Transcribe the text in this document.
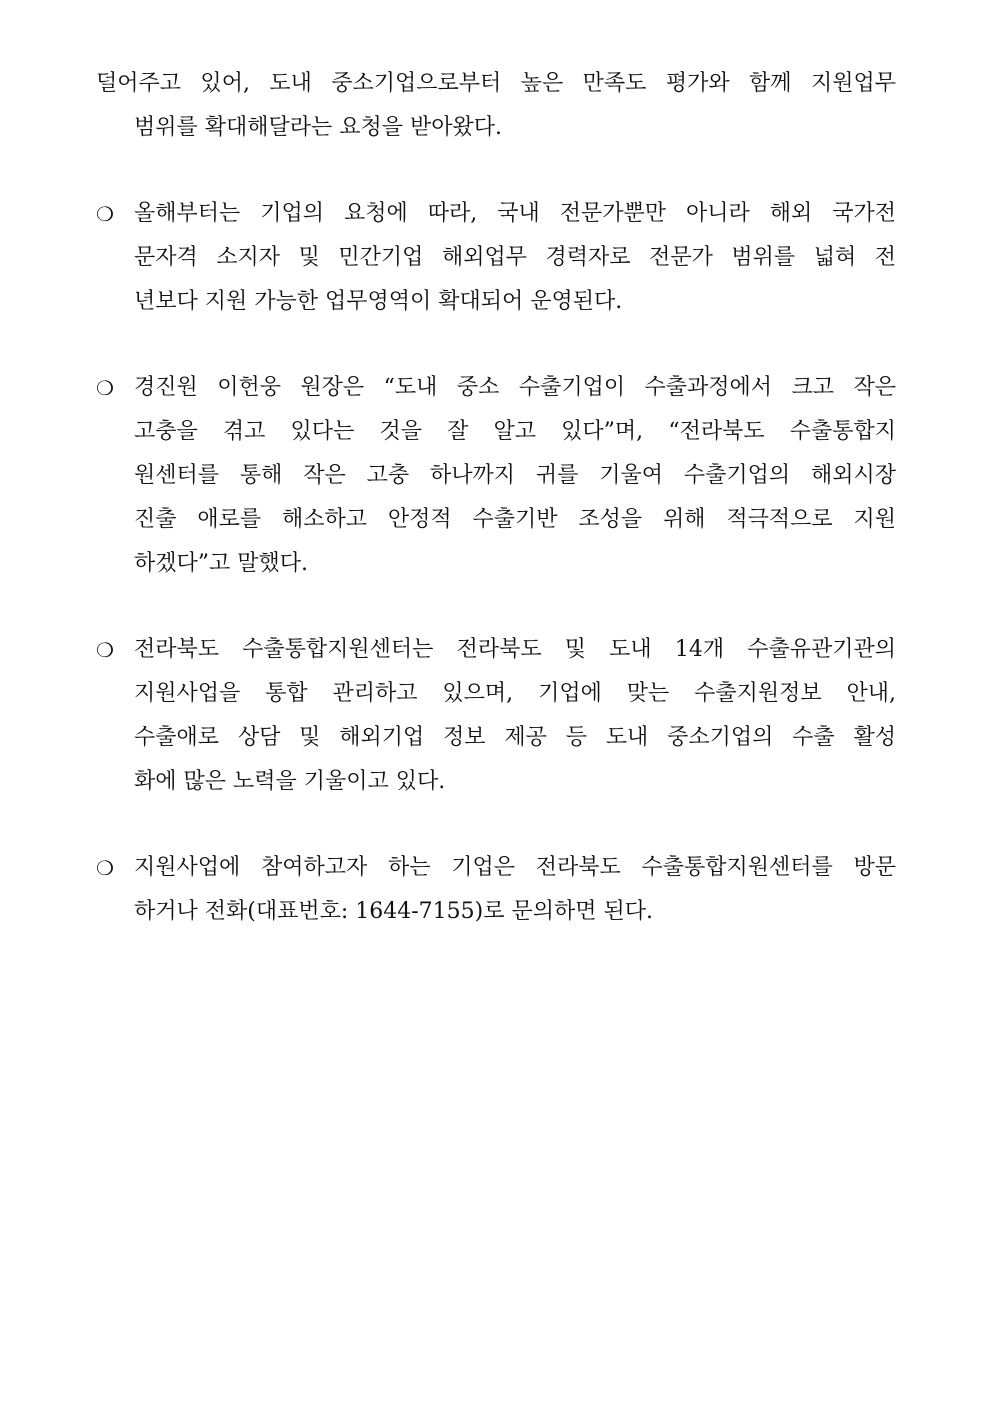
덜어주고 있어, 도내 중소기업으로부터 높은 만족도 평가와 함께 지원업무
범위를 확대해달라는 요청을 받아왔다.
❍ 올해부터는 기업의 요청에 따라, 국내 전문가뿐만 아니라 해외 국가전
문자격 소지자 및 민간기업 해외업무 경력자로 전문가 범위를 넓혀 전
년보다 지원 가능한 업무영역이 확대되어 운영된다.
❍ 경진원 이헌웅 원장은 “도내 중소 수출기업이 수출과정에서 크고 작은
고충을 겪고 있다는 것을 잘 알고 있다”며, “전라북도 수출통합지
원센터를 통해 작은 고충 하나까지 귀를 기울여 수출기업의 해외시장
진출 애로를 해소하고 안정적 수출기반 조성을 위해 적극적으로 지원
하겠다”고 말했다.
❍ 전라북도 수출통합지원센터는 전라북도 및 도내 14개 수출유관기관의
지원사업을 통합 관리하고 있으며, 기업에 맞는 수출지원정보 안내,
수출애로 상담 및 해외기업 정보 제공 등 도내 중소기업의 수출 활성
화에 많은 노력을 기울이고 있다.
❍ 지원사업에 참여하고자 하는 기업은 전라북도 수출통합지원센터를 방문
하거나 전화(대표번호: 1644-7155)로 문의하면 된다.
